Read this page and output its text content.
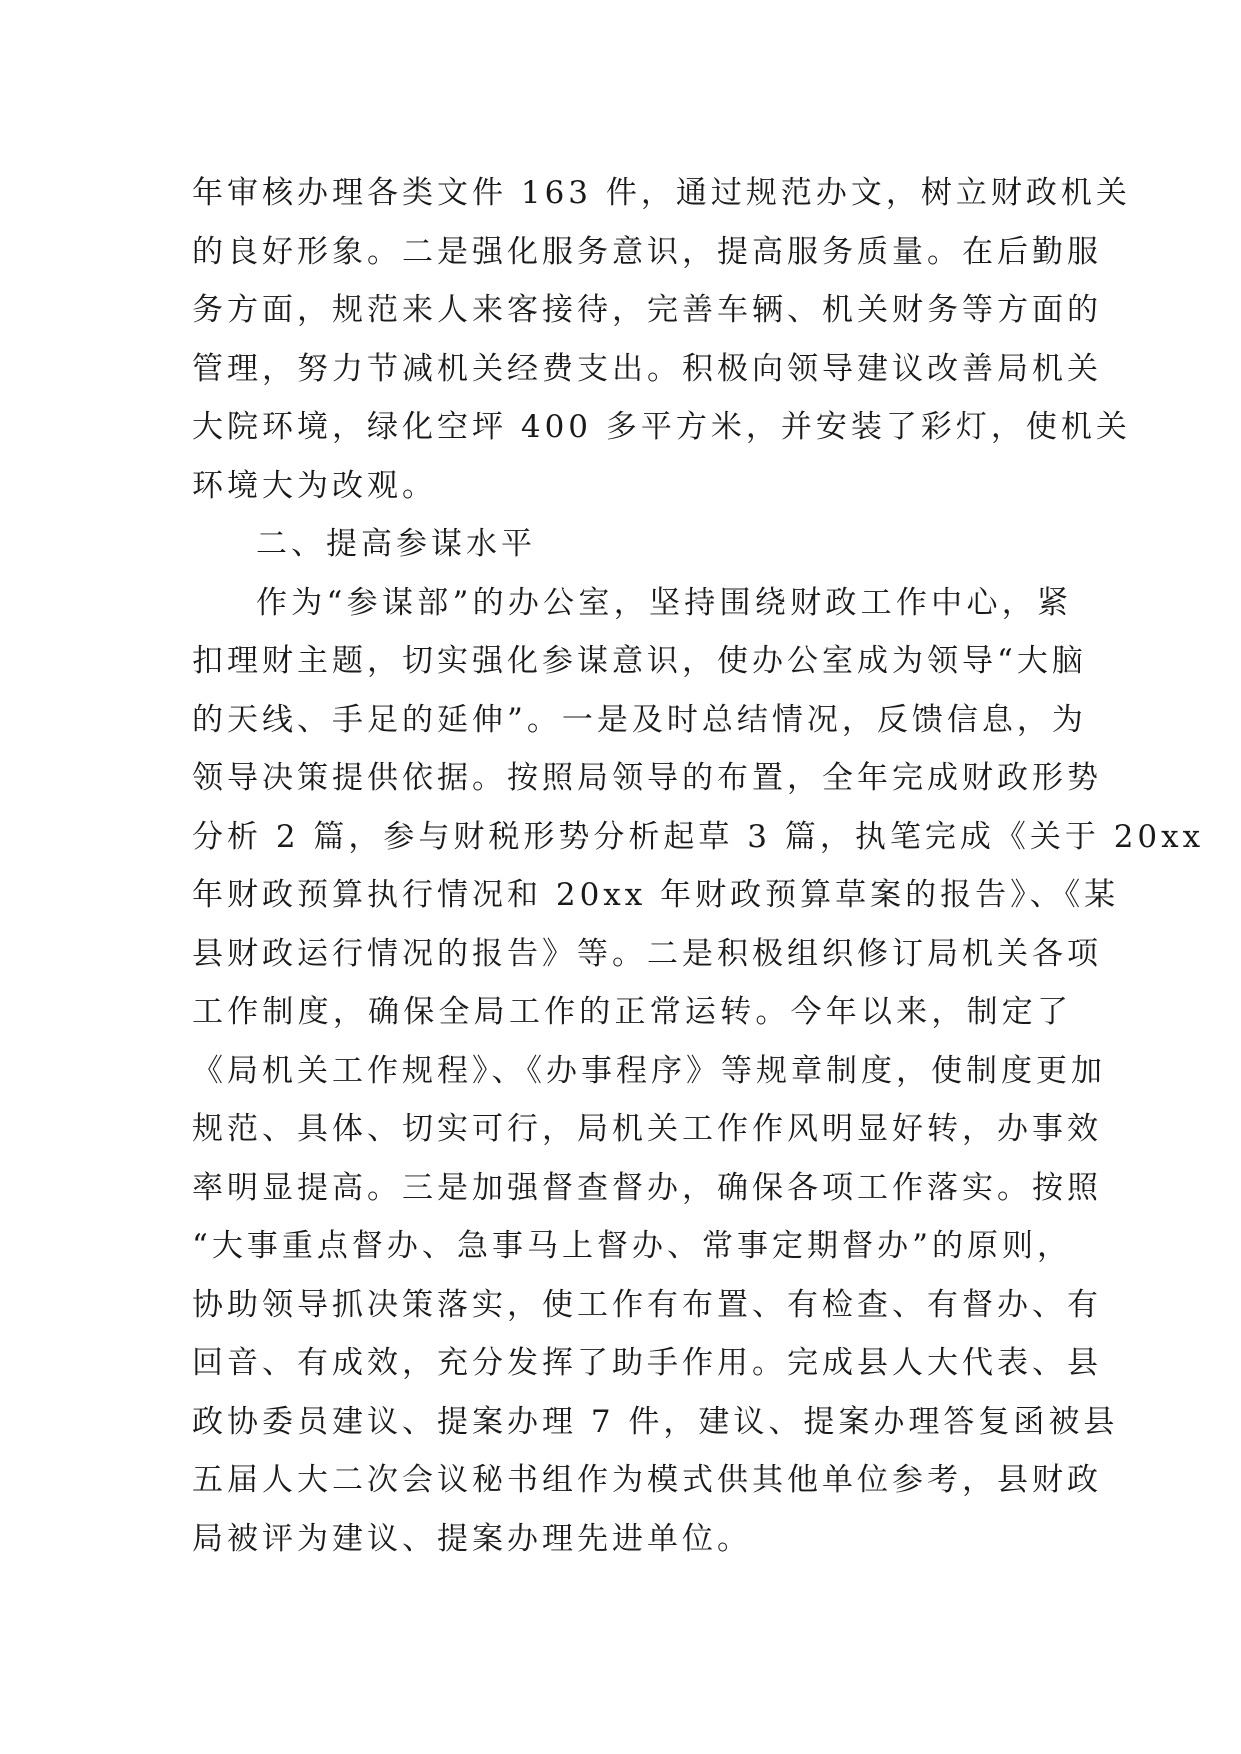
年审核办理各类文件 163 件，通过规范办文，树立财政机关
的良好形象。二是强化服务意识，提高服务质量。在后勤服
务方面，规范来人来客接待，完善车辆、机关财务等方面的
管理，努力节减机关经费支出。积极向领导建议改善局机关
大院环境，绿化空坪 400 多平方米，并安装了彩灯，使机关
环境大为改观。
二、提高参谋水平
作为“参谋部”的办公室，坚持围绕财政工作中心，紧
扣理财主题，切实强化参谋意识，使办公室成为领导“大脑
的天线、手足的延伸”。一是及时总结情况，反馈信息，为
领导决策提供依据。按照局领导的布置，全年完成财政形势
分析 2 篇，参与财税形势分析起草 3 篇，执笔完成《关于 20xx
年财政预算执行情况和 20xx 年财政预算草案的报告》、《某
县财政运行情况的报告》等。二是积极组织修订局机关各项
工作制度，确保全局工作的正常运转。今年以来，制定了
《局机关工作规程》、《办事程序》等规章制度，使制度更加
规范、具体、切实可行，局机关工作作风明显好转，办事效
率明显提高。三是加强督查督办，确保各项工作落实。按照
“大事重点督办、急事马上督办、常事定期督办”的原则，
协助领导抓决策落实，使工作有布置、有检查、有督办、有
回音、有成效，充分发挥了助手作用。完成县人大代表、县
政协委员建议、提案办理 7 件，建议、提案办理答复函被县
五届人大二次会议秘书组作为模式供其他单位参考，县财政
局被评为建议、提案办理先进单位。
